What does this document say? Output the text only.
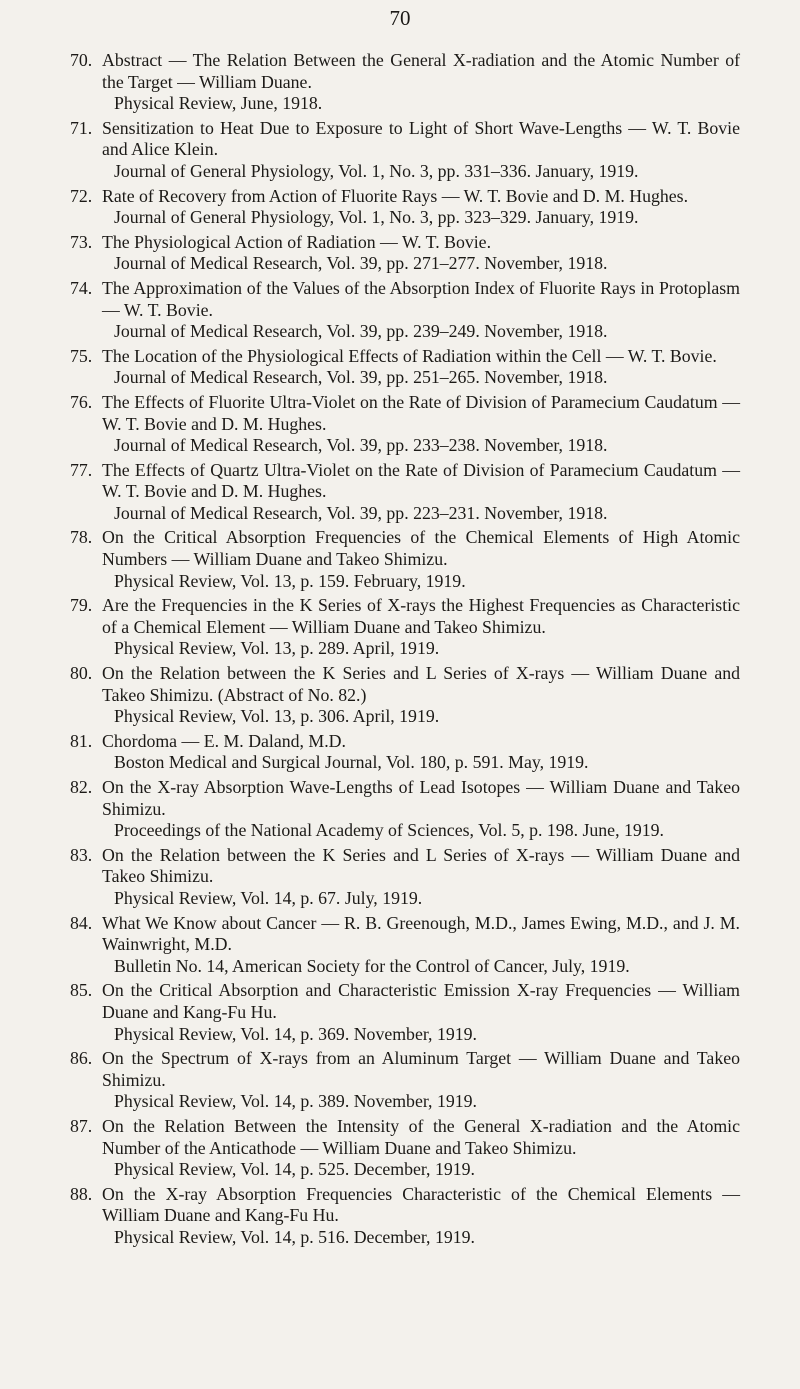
70
70. Abstract — The Relation Between the General X-radiation and the Atomic Number of the Target — William Duane.
Physical Review, June, 1918.
71. Sensitization to Heat Due to Exposure to Light of Short Wave-Lengths — W. T. Bovie and Alice Klein.
Journal of General Physiology, Vol. 1, No. 3, pp. 331–336. January, 1919.
72. Rate of Recovery from Action of Fluorite Rays — W. T. Bovie and D. M. Hughes.
Journal of General Physiology, Vol. 1, No. 3, pp. 323–329. January, 1919.
73. The Physiological Action of Radiation — W. T. Bovie.
Journal of Medical Research, Vol. 39, pp. 271–277. November, 1918.
74. The Approximation of the Values of the Absorption Index of Fluorite Rays in Protoplasm — W. T. Bovie.
Journal of Medical Research, Vol. 39, pp. 239–249. November, 1918.
75. The Location of the Physiological Effects of Radiation within the Cell — W. T. Bovie.
Journal of Medical Research, Vol. 39, pp. 251–265. November, 1918.
76. The Effects of Fluorite Ultra-Violet on the Rate of Division of Paramecium Caudatum — W. T. Bovie and D. M. Hughes.
Journal of Medical Research, Vol. 39, pp. 233–238. November, 1918.
77. The Effects of Quartz Ultra-Violet on the Rate of Division of Paramecium Caudatum — W. T. Bovie and D. M. Hughes.
Journal of Medical Research, Vol. 39, pp. 223–231. November, 1918.
78. On the Critical Absorption Frequencies of the Chemical Elements of High Atomic Numbers — William Duane and Takeo Shimizu.
Physical Review, Vol. 13, p. 159. February, 1919.
79. Are the Frequencies in the K Series of X-rays the Highest Frequencies as Characteristic of a Chemical Element — William Duane and Takeo Shimizu.
Physical Review, Vol. 13, p. 289. April, 1919.
80. On the Relation between the K Series and L Series of X-rays — William Duane and Takeo Shimizu. (Abstract of No. 82.)
Physical Review, Vol. 13, p. 306. April, 1919.
81. Chordoma — E. M. Daland, M.D.
Boston Medical and Surgical Journal, Vol. 180, p. 591. May, 1919.
82. On the X-ray Absorption Wave-Lengths of Lead Isotopes — William Duane and Takeo Shimizu.
Proceedings of the National Academy of Sciences, Vol. 5, p. 198. June, 1919.
83. On the Relation between the K Series and L Series of X-rays — William Duane and Takeo Shimizu.
Physical Review, Vol. 14, p. 67. July, 1919.
84. What We Know about Cancer — R. B. Greenough, M.D., James Ewing, M.D., and J. M. Wainwright, M.D.
Bulletin No. 14, American Society for the Control of Cancer, July, 1919.
85. On the Critical Absorption and Characteristic Emission X-ray Frequencies — William Duane and Kang-Fu Hu.
Physical Review, Vol. 14, p. 369. November, 1919.
86. On the Spectrum of X-rays from an Aluminum Target — William Duane and Takeo Shimizu.
Physical Review, Vol. 14, p. 389. November, 1919.
87. On the Relation Between the Intensity of the General X-radiation and the Atomic Number of the Anticathode — William Duane and Takeo Shimizu.
Physical Review, Vol. 14, p. 525. December, 1919.
88. On the X-ray Absorption Frequencies Characteristic of the Chemical Elements — William Duane and Kang-Fu Hu.
Physical Review, Vol. 14, p. 516. December, 1919.
